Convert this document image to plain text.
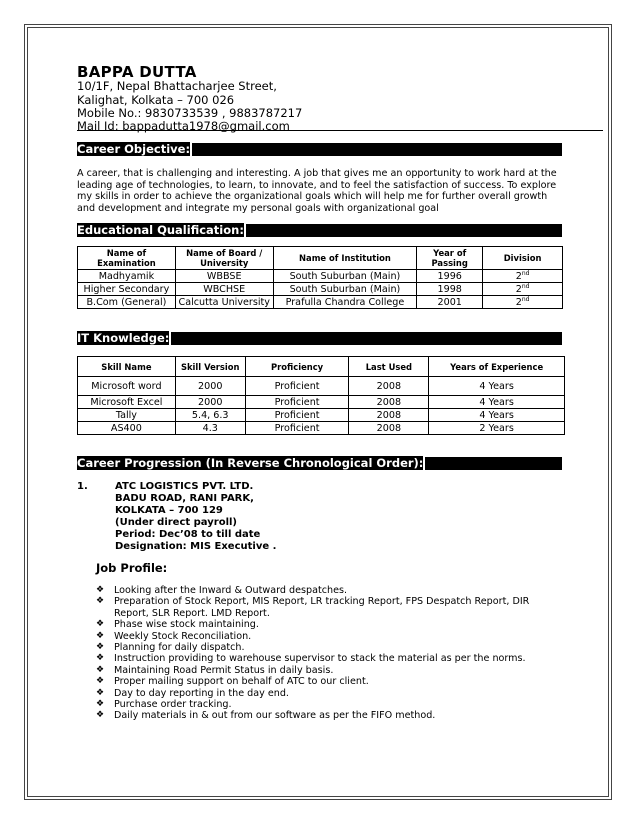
BAPPA DUTTA
10/1F, Nepal Bhattacharjee Street,
Kalighat, Kolkata – 700 026
Mobile No.: 9830733539 , 9883787217
Mail Id: bappadutta1978@gmail.com
Career Objective:
A career, that is challenging and interesting. A job that gives me an opportunity to work hard at the leading age of technologies, to learn, to innovate, and to feel the satisfaction of success. To explore my skills in order to achieve the organizational goals which will help me for further overall growth and development and integrate my personal goals with organizational goal
Educational Qualification:
Name of Examination	Name of Board / University	Name of Institution	Year of Passing	Division
Madhyamik	WBBSE	South Suburban (Main)	1996	2nd
Higher Secondary	WBCHSE	South Suburban (Main)	1998	2nd
B.Com (General)	Calcutta University	Prafulla Chandra College	2001	2nd
IT Knowledge:
Skill Name	Skill Version	Proficiency	Last Used	Years of Experience
Microsoft word	2000	Proficient	2008	4 Years
Microsoft Excel	2000	Proficient	2008	4 Years
Tally	5.4, 6.3	Proficient	2008	4 Years
AS400	4.3	Proficient	2008	2 Years
Career Progression (In Reverse Chronological Order):
1.	ATC LOGISTICS PVT. LTD.
BADU ROAD, RANI PARK,
KOLKATA – 700 129
(Under direct payroll)
Period: Dec’08 to till date
Designation: MIS Executive .
Job Profile:
❖ Looking after the Inward & Outward despatches.
❖ Preparation of Stock Report, MIS Report, LR tracking Report, FPS Despatch Report, DIR Report, SLR Report. LMD Report.
❖ Phase wise stock maintaining.
❖ Weekly Stock Reconciliation.
❖ Planning for daily dispatch.
❖ Instruction providing to warehouse supervisor to stack the material as per the norms.
❖ Maintaining Road Permit Status in daily basis.
❖ Proper mailing support on behalf of ATC to our client.
❖ Day to day reporting in the day end.
❖ Purchase order tracking.
❖ Daily materials in & out from our software as per the FIFO method.
